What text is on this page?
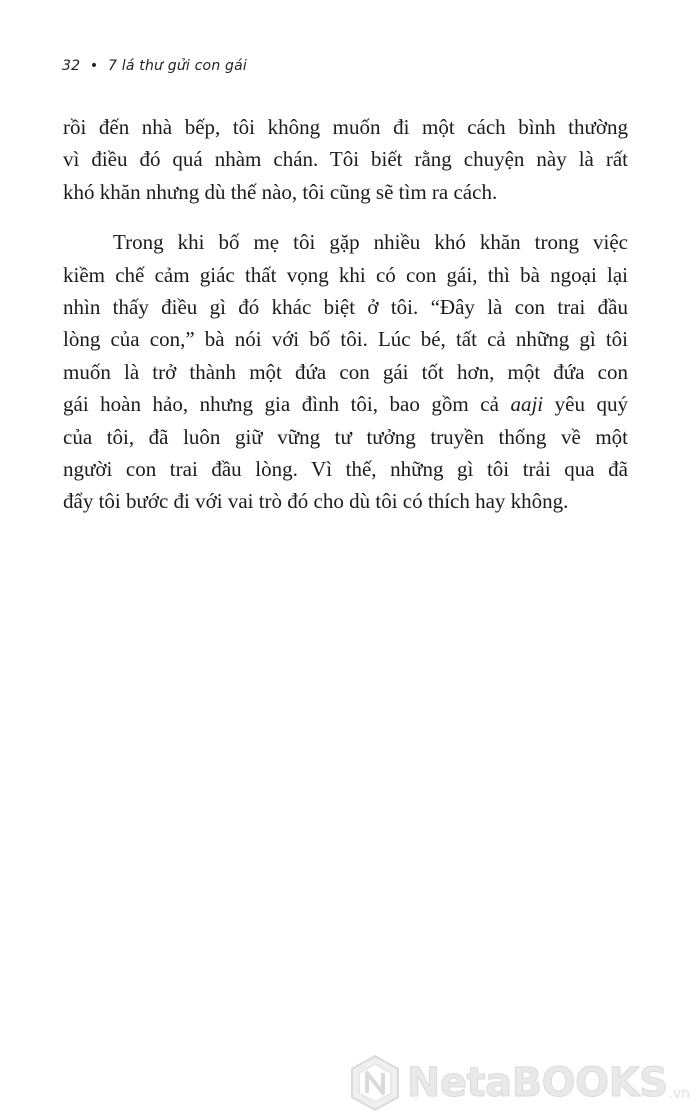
32 • 7 lá thư gửi con gái
rồi đến nhà bếp, tôi không muốn đi một cách bình thường
vì điều đó quá nhàm chán. Tôi biết rằng chuyện này là rất
khó khăn nhưng dù thế nào, tôi cũng sẽ tìm ra cách.
Trong khi bố mẹ tôi gặp nhiều khó khăn trong việc
kiềm chế cảm giác thất vọng khi có con gái, thì bà ngoại lại
nhìn thấy điều gì đó khác biệt ở tôi. “Đây là con trai đầu
lòng của con,” bà nói với bố tôi. Lúc bé, tất cả những gì tôi
muốn là trở thành một đứa con gái tốt hơn, một đứa con
gái hoàn hảo, nhưng gia đình tôi, bao gồm cả aaji yêu quý
của tôi, đã luôn giữ vững tư tưởng truyền thống về một
người con trai đầu lòng. Vì thế, những gì tôi trải qua đã
đẩy tôi bước đi với vai trò đó cho dù tôi có thích hay không.
NetaBOOKS .vn
